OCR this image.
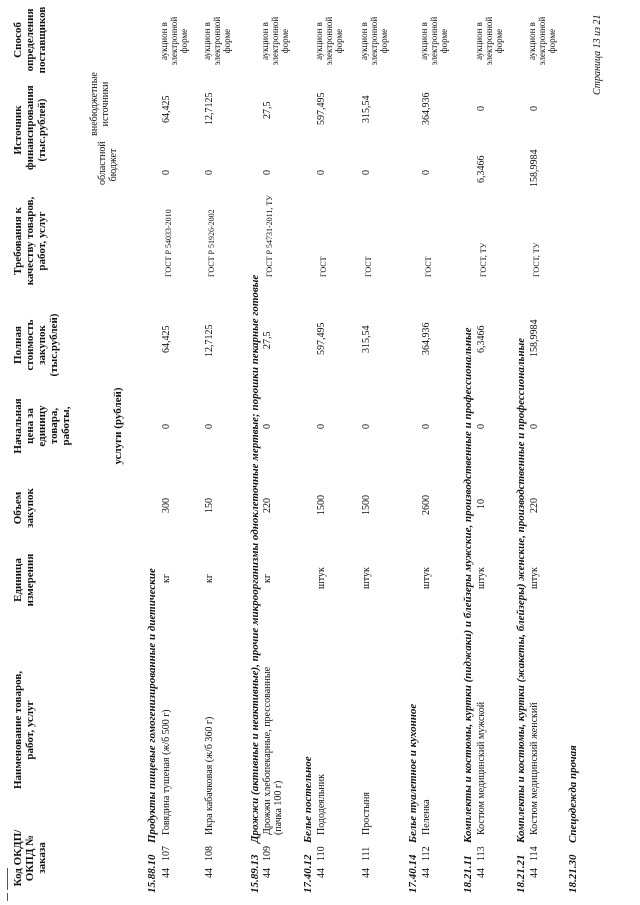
Код ОКДП/ ОКПД № заказа
Наименование товаров, работ, услуг
Единица измерения
Объем закупок
Начальная цена за единицу товара, работы,	услуги (рублей)
Полная стоимость закупок (тыс.рублей)
Требования к качеству товаров, работ, услуг
Источник финансирования (тыс.рублей)
областной бюджет
внебюджетные источники
Способ определения поставщиков
15.88.10
Продукты пищевые гомогенизированные и диетические
44
107
Говядина тушеная (ж/б 500 г)
кг
300
0
64,425
ГОСТ Р 54033-2010
0
64,425
аукцион в электронной форме
44
108
Икра кабачковая (ж/б 360 г)
кг
150
0
12,7125
ГОСТ Р 51926-2002
0
12,7125
аукцион в электронной форме
15.89.13
Дрожжи (активные и неактивные), прочие микроорганизмы одноклеточные мертвые; порошки пекарные готовые
44
109
Дрожжи хлебопекарные, прессованные (пачка 100 г)
кг
220
0
27,5
ГОСТ Р 54731-2011, ТУ
0
27,5
аукцион в электронной форме
17.40.12
Белье постельное
44
110
Пододеяльник
штук
1500
0
597,495
ГОСТ
0
597,495
аукцион в электронной форме
44
111
Простыня
штук
1500
0
315,54
ГОСТ
0
315,54
аукцион в электронной форме
17.40.14
Белье туалетное и кухонное
44
112
Пеленка
штук
2600
0
364,936
ГОСТ
0
364,936
аукцион в электронной форме
18.21.11
Комплекты и костюмы, куртки (пиджаки) и блейзеры мужские, производственные и профессиональные
44
113
Костюм медицинский мужской
штук
10
0
6,3466
ГОСТ, ТУ
6,3466
0
аукцион в электронной форме
18.21.21
Комплекты и костюмы, куртки (жакеты, блейзеры) женские, производственные и профессиональные
44
114
Костюм медицинский женский
штук
220
0
158,9984
ГОСТ, ТУ
158,9984
0
аукцион в электронной форме
18.21.30
Спецодежда прочая
Страница 13 из 21
